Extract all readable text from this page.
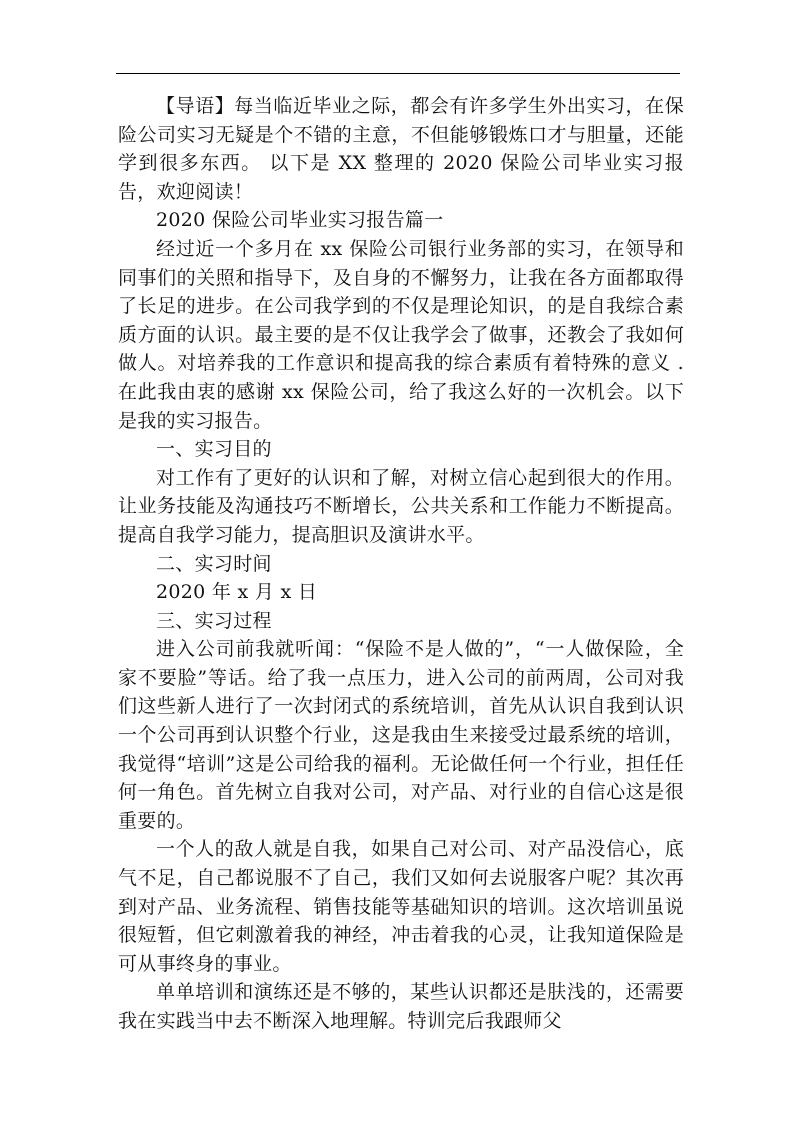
【导语】每当临近毕业之际，都会有许多学生外出实习，在保险公司实习无疑是个不错的主意，不但能够锻炼口才与胆量，还能学到很多东西。 以下是 XX 整理的 2020 保险公司毕业实习报告，欢迎阅读！

2020 保险公司毕业实习报告篇一

经过近一个多月在 xx 保险公司银行业务部的实习，在领导和同事们的关照和指导下，及自身的不懈努力，让我在各方面都取得了长足的进步。在公司我学到的不仅是理论知识，的是自我综合素质方面的认识。最主要的是不仅让我学会了做事，还教会了我如何做人。对培养我的工作意识和提高我的综合素质有着特殊的意义 .在此我由衷的感谢 xx 保险公司，给了我这么好的一次机会。以下是我的实习报告。

一、实习目的

对工作有了更好的认识和了解，对树立信心起到很大的作用。让业务技能及沟通技巧不断增长，公共关系和工作能力不断提高。提高自我学习能力，提高胆识及演讲水平。

二、实习时间

2020 年 x 月 x 日

三、实习过程

进入公司前我就听闻：“保险不是人做的”，“一人做保险，全家不要脸”等话。给了我一点压力，进入公司的前两周，公司对我们这些新人进行了一次封闭式的系统培训，首先从认识自我到认识一个公司再到认识整个行业，这是我由生来接受过最系统的培训，我觉得“培训”这是公司给我的福利。无论做任何一个行业，担任任何一角色。首先树立自我对公司，对产品、对行业的自信心这是很重要的。

一个人的敌人就是自我，如果自己对公司、对产品没信心，底气不足，自己都说服不了自己，我们又如何去说服客户呢？其次再到对产品、业务流程、销售技能等基础知识的培训。这次培训虽说很短暂，但它刺激着我的神经，冲击着我的心灵，让我知道保险是可从事终身的事业。

单单培训和演练还是不够的，某些认识都还是肤浅的，还需要我在实践当中去不断深入地理解。特训完后我跟师父
